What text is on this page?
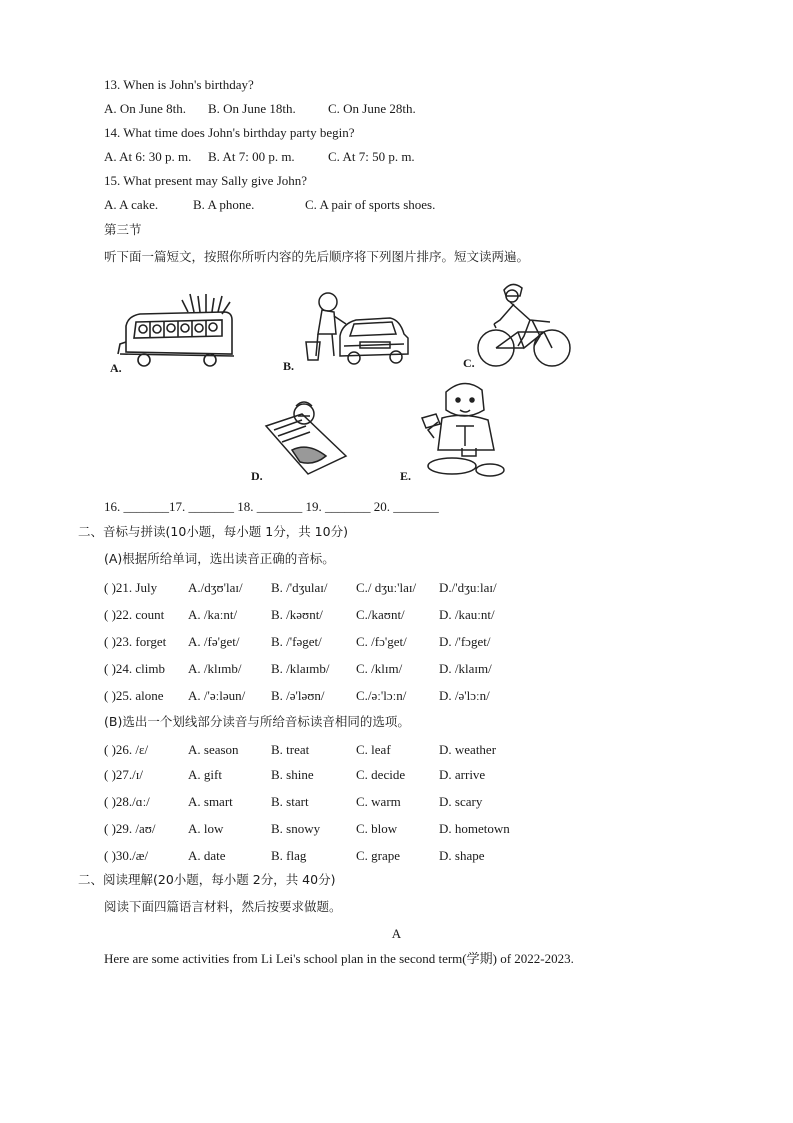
13. When is John's birthday?
A. On June 8th. B. On June 18th. C. On June 28th.
14. What time does John's birthday party begin?
A. At 6: 30 p. m. B. At 7: 00 p. m.	C. At 7: 50 p. m.
15. What present may Sally give John?
A. A cake.	B. A phone.	C. A pair of sports shoes.
第三节
听下面一篇短文，按照你所听内容的先后顺序将下列图片排序。短文读两遍。
A.	B.	C.
D.	E.
16. _______17. _______ 18. _______ 19. _______ 20. _______
二、音标与拼读(10小题，每小题 1分，共 10分)
(A)根据所给单词，选出读音正确的音标。
( )21. July A./dʒʊ'laɪ/ B. /'dʒulaɪ/ C./ dʒuː'laɪ/ D./'dʒuːlaɪ/
( )22. count A. /kaːnt/	B. /kəʊnt/	C./kaʊnt/	D. /kauːnt/
( )23. forget A. /fə'get/ B. /'fəget/	C. /fɔ'get/ D. /'fɔget/
( )24. climb A. /klɪmb/ B. /klaɪmb/ C. /klɪm/	D. /klaɪm/
( )25. alone A. /'əːləun/ B. /ə'ləʊn/ C./əː'lɔːn/	D. /ə'lɔːn/
(B)选出一个划线部分读音与所给音标读音相同的选项。
( )26. /ɛ/	A. season B. treat	C. leaf	D. weather
( )27./ɪ/	A. gift	B. shine	C. decide	D. arrive
( )28./ɑː/	A. smart	B. start	C. warm	D. scary
( )29. /aʊ/ A. low	B. snowy	C. blow	D. hometown
( )30./æ/	A. date	B. flag	C. grape	D. shape
二、阅读理解(20小题，每小题 2分，共 40分)
阅读下面四篇语言材料，然后按要求做题。
A
Here are some activities from Li Lei's school plan in the second term(学期) of 2022-2023.
